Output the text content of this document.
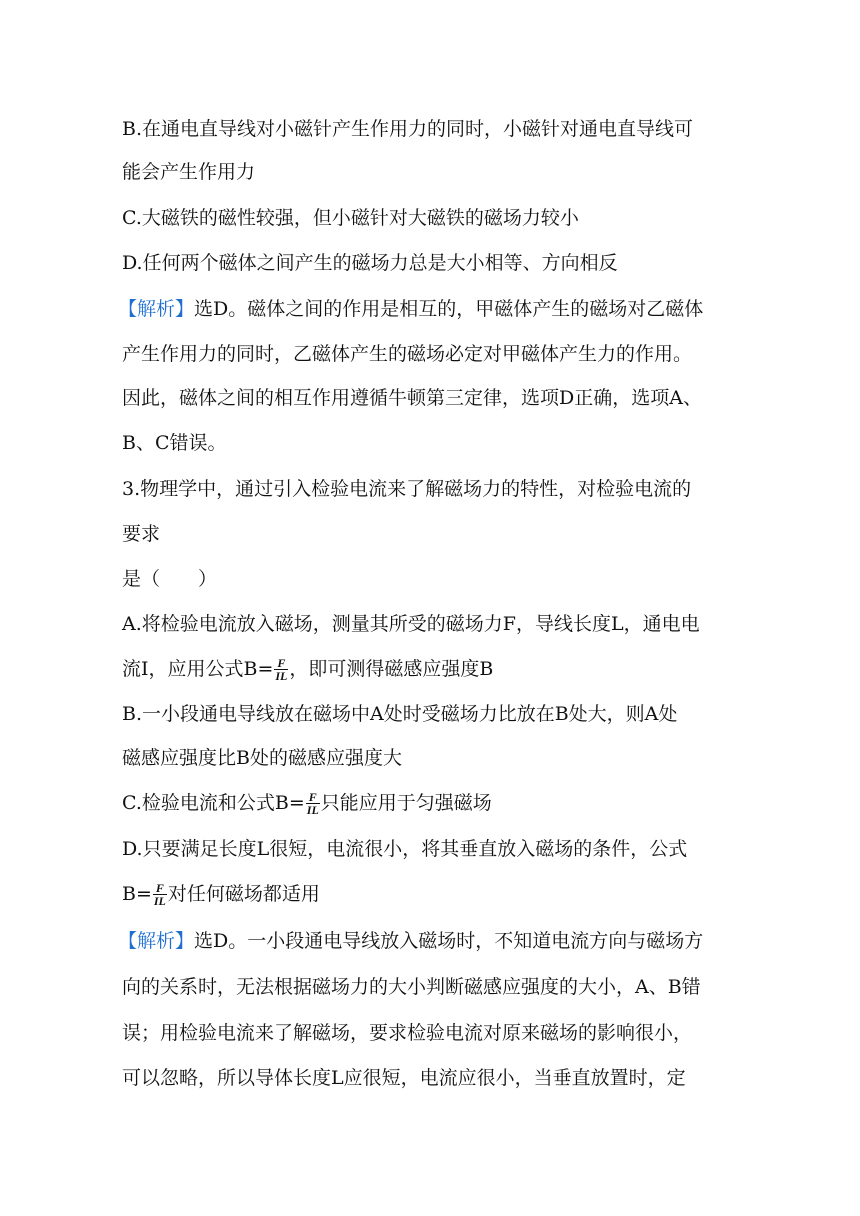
B.在通电直导线对小磁针产生作用力的同时，小磁针对通电直导线可
能会产生作用力
C.大磁铁的磁性较强，但小磁针对大磁铁的磁场力较小
D.任何两个磁体之间产生的磁场力总是大小相等、方向相反
【解析】选D。磁体之间的作用是相互的，甲磁体产生的磁场对乙磁体
产生作用力的同时，乙磁体产生的磁场必定对甲磁体产生力的作用。
因此，磁体之间的相互作用遵循牛顿第三定律，选项D正确，选项A、
B、C错误。
3.物理学中，通过引入检验电流来了解磁场力的特性，对检验电流的
要求
是（　　）
A.将检验电流放入磁场，测量其所受的磁场力F，导线长度L，通电电
流I，应用公式$B= \frac{F}{IL}$ ，即可测得磁感应强度B
B.一小段通电导线放在磁场中A处时受磁场力比放在B处大，则A处
磁感应强度比B处的磁感应强度大
C.检验电流和公式$B= \frac{F}{IL}$ 只能应用于匀强磁场
D.只要满足长度L很短，电流很小，将其垂直放入磁场的条件，公式
$B= \frac{F}{IL}$ 对任何磁场都适用
【解析】选D。一小段通电导线放入磁场时，不知道电流方向与磁场方
向的关系时，无法根据磁场力的大小判断磁感应强度的大小，A、B错
误；用检验电流来了解磁场，要求检验电流对原来磁场的影响很小，
可以忽略，所以导体长度L应很短，电流应很小，当垂直放置时，定
